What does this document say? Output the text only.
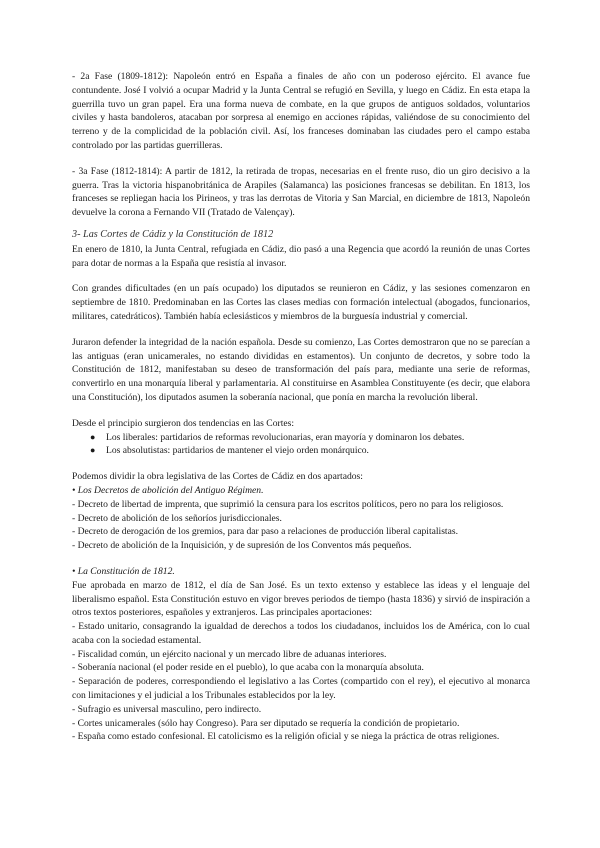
- 2a Fase (1809-1812): Napoleón entró en España a finales de año con un poderoso ejército. El avance fue contundente. José I volvió a ocupar Madrid y la Junta Central se refugió en Sevilla, y luego en Cádiz. En esta etapa la guerrilla tuvo un gran papel. Era una forma nueva de combate, en la que grupos de antiguos soldados, voluntarios civiles y hasta bandoleros, atacaban por sorpresa al enemigo en acciones rápidas, valiéndose de su conocimiento del terreno y de la complicidad de la población civil. Así, los franceses dominaban las ciudades pero el campo estaba controlado por las partidas guerrilleras.

- 3a Fase (1812-1814): A partir de 1812, la retirada de tropas, necesarias en el frente ruso, dio un giro decisivo a la guerra. Tras la victoria hispanobritánica de Arapiles (Salamanca) las posiciones francesas se debilitan. En 1813, los franceses se repliegan hacia los Pirineos, y tras las derrotas de Vitoria y San Marcial, en diciembre de 1813, Napoleón devuelve la corona a Fernando VII (Tratado de Valençay).

3- Las Cortes de Cádiz y la Constitución de 1812

En enero de 1810, la Junta Central, refugiada en Cádiz, dio pasó a una Regencia que acordó la reunión de unas Cortes para dotar de normas a la España que resistía al invasor.

Con grandes dificultades (en un país ocupado) los diputados se reunieron en Cádiz, y las sesiones comenzaron en septiembre de 1810. Predominaban en las Cortes las clases medias con formación intelectual (abogados, funcionarios, militares, catedráticos). También había eclesiásticos y miembros de la burguesía industrial y comercial.

Juraron defender la integridad de la nación española. Desde su comienzo, Las Cortes demostraron que no se parecían a las antiguas (eran unicamerales, no estando divididas en estamentos). Un conjunto de decretos, y sobre todo la Constitución de 1812, manifestaban su deseo de transformación del país para, mediante una serie de reformas, convertirlo en una monarquía liberal y parlamentaria. Al constituirse en Asamblea Constituyente (es decir, que elabora una Constitución), los diputados asumen la soberanía nacional, que ponía en marcha la revolución liberal.

Desde el principio surgieron dos tendencias en las Cortes:

● Los liberales: partidarios de reformas revolucionarias, eran mayoría y dominaron los debates.
● Los absolutistas: partidarios de mantener el viejo orden monárquico.

Podemos dividir la obra legislativa de las Cortes de Cádiz en dos apartados:

• Los Decretos de abolición del Antiguo Régimen.

- Decreto de libertad de imprenta, que suprimió la censura para los escritos políticos, pero no para los religiosos.

- Decreto de abolición de los señoríos jurisdiccionales.

- Decreto de derogación de los gremios, para dar paso a relaciones de producción liberal capitalistas.

- Decreto de abolición de la Inquisición, y de supresión de los Conventos más pequeños.

• La Constitución de 1812.

Fue aprobada en marzo de 1812, el día de San José. Es un texto extenso y establece las ideas y el lenguaje del liberalismo español. Esta Constitución estuvo en vigor breves periodos de tiempo (hasta 1836) y sirvió de inspiración a otros textos posteriores, españoles y extranjeros. Las principales aportaciones:

- Estado unitario, consagrando la igualdad de derechos a todos los ciudadanos, incluidos los de América, con lo cual acaba con la sociedad estamental.

- Fiscalidad común, un ejército nacional y un mercado libre de aduanas interiores.

- Soberanía nacional (el poder reside en el pueblo), lo que acaba con la monarquía absoluta.

- Separación de poderes, correspondiendo el legislativo a las Cortes (compartido con el rey), el ejecutivo al monarca con limitaciones y el judicial a los Tribunales establecidos por la ley.

- Sufragio es universal masculino, pero indirecto.

- Cortes unicamerales (sólo hay Congreso). Para ser diputado se requería la condición de propietario.

- España como estado confesional. El catolicismo es la religión oficial y se niega la práctica de otras religiones.
